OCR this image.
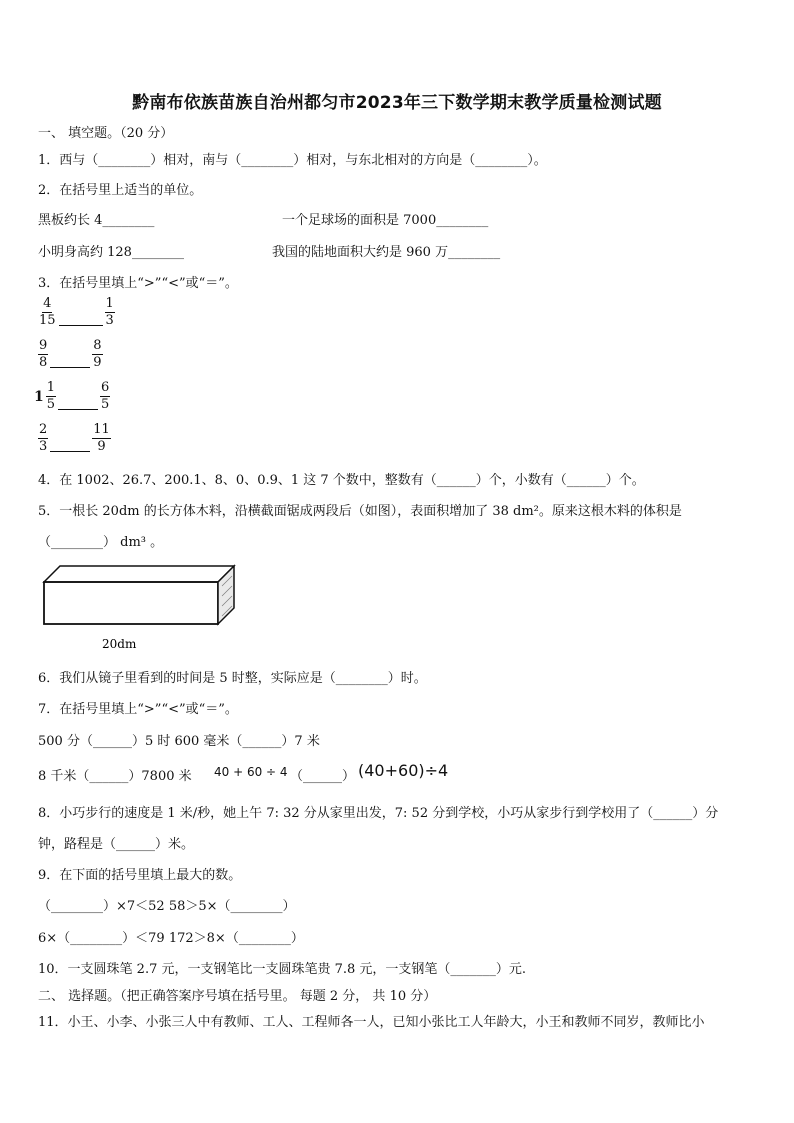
黔南布依族苗族自治州都匀市2023年三下数学期末教学质量检测试题
一、 填空题。（20 分）
1．西与（________）相对，南与（________）相对，与东北相对的方向是（________）。
2．在括号里上适当的单位。
黑板约长 4________	一个足球场的面积是 7000________
小明身高约 128________	我国的陆地面积大约是 960 万________
3．在括号里填上“>”“<”或“＝”。
$\frac{4}{15}$	$\frac{1}{3}$
$\frac{9}{8}$	$\frac{8}{9}$
$1 \frac{1}{5}$	$\frac{6}{5}$
$\frac{2}{3}$	$\frac{11}{9}$
4．在 1002、26.7、200.1、8、0、0.9、1 这 7 个数中，整数有（______）个，小数有（______）个。
5．一根长 20dm 的长方体木料，沿横截面锯成两段后（如图），表面积增加了 38 dm²。原来这根木料的体积是
（________） dm³ 。
20dm
6．我们从镜子里看到的时间是 5 时整，实际应是（________）时。
7．在括号里填上“>”“<”或“＝”。
500 分（______）5 时 600 毫米（______）7 米
8 千米（______）7800 米 40 + 60 ÷ 4 （______） (40+60)÷4
8．小巧步行的速度是 1 米/秒，她上午 7: 32 分从家里出发，7: 52 分到学校，小巧从家步行到学校用了（______）分
钟，路程是（______）米。
9．在下面的括号里填上最大的数。
（________）×7＜52 58＞5×（________）
6×（________）＜79 172＞8×（________）
10．一支圆珠笔 2.7 元，一支钢笔比一支圆珠笔贵 7.8 元，一支钢笔（_______）元.
二、 选择题。（把正确答案序号填在括号里。 每题 2 分， 共 10 分）
11．小王、小李、小张三人中有教师、工人、工程师各一人，已知小张比工人年龄大，小王和教师不同岁，教师比小
